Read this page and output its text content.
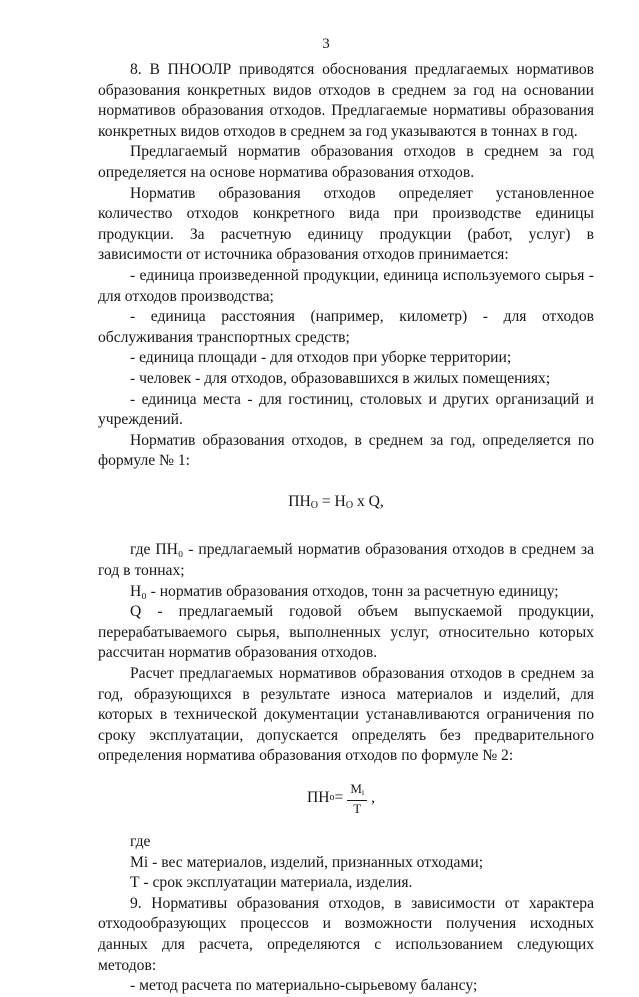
3

8. В ПНООЛР приводятся обоснования предлагаемых нормативов образования конкретных видов отходов в среднем за год на основании нормативов образования отходов. Предлагаемые нормативы образования конкретных видов отходов в среднем за год указываются в тоннах в год.

Предлагаемый норматив образования отходов в среднем за год определяется на основе норматива образования отходов.

Норматив образования отходов определяет установленное количество отходов конкретного вида при производстве единицы продукции. За расчетную единицу продукции (работ, услуг) в зависимости от источника образования отходов принимается:

- единица произведенной продукции, единица используемого сырья - для отходов производства;

- единица расстояния (например, километр) - для отходов обслуживания транспортных средств;

- единица площади - для отходов при уборке территории;

- человек - для отходов, образовавшихся в жилых помещениях;

- единица места - для гостиниц, столовых и других организаций и учреждений.

Норматив образования отходов, в среднем за год, определяется по формуле № 1:

$ПН_О = Н_О$ x Q,

где ПН₀ - предлагаемый норматив образования отходов в среднем за год в тоннах;

Н₀ - норматив образования отходов, тонн за расчетную единицу;

Q - предлагаемый годовой объем выпускаемой продукции, перерабатываемого сырья, выполненных услуг, относительно которых рассчитан норматив образования отходов.

Расчет предлагаемых нормативов образования отходов в среднем за год, образующихся в результате износа материалов и изделий, для которых в технической документации устанавливаются ограничения по сроку эксплуатации, допускается определять без предварительного определения норматива образования отходов по формуле № 2:

ПН $о = \frac{М_i}{Т}$ ,

где

Мi - вес материалов, изделий, признанных отходами;

Т - срок эксплуатации материала, изделия.

9. Нормативы образования отходов, в зависимости от характера отходообразующих процессов и возможности получения исходных данных для расчета, определяются с использованием следующих методов:

- метод расчета по материально-сырьевому балансу;
